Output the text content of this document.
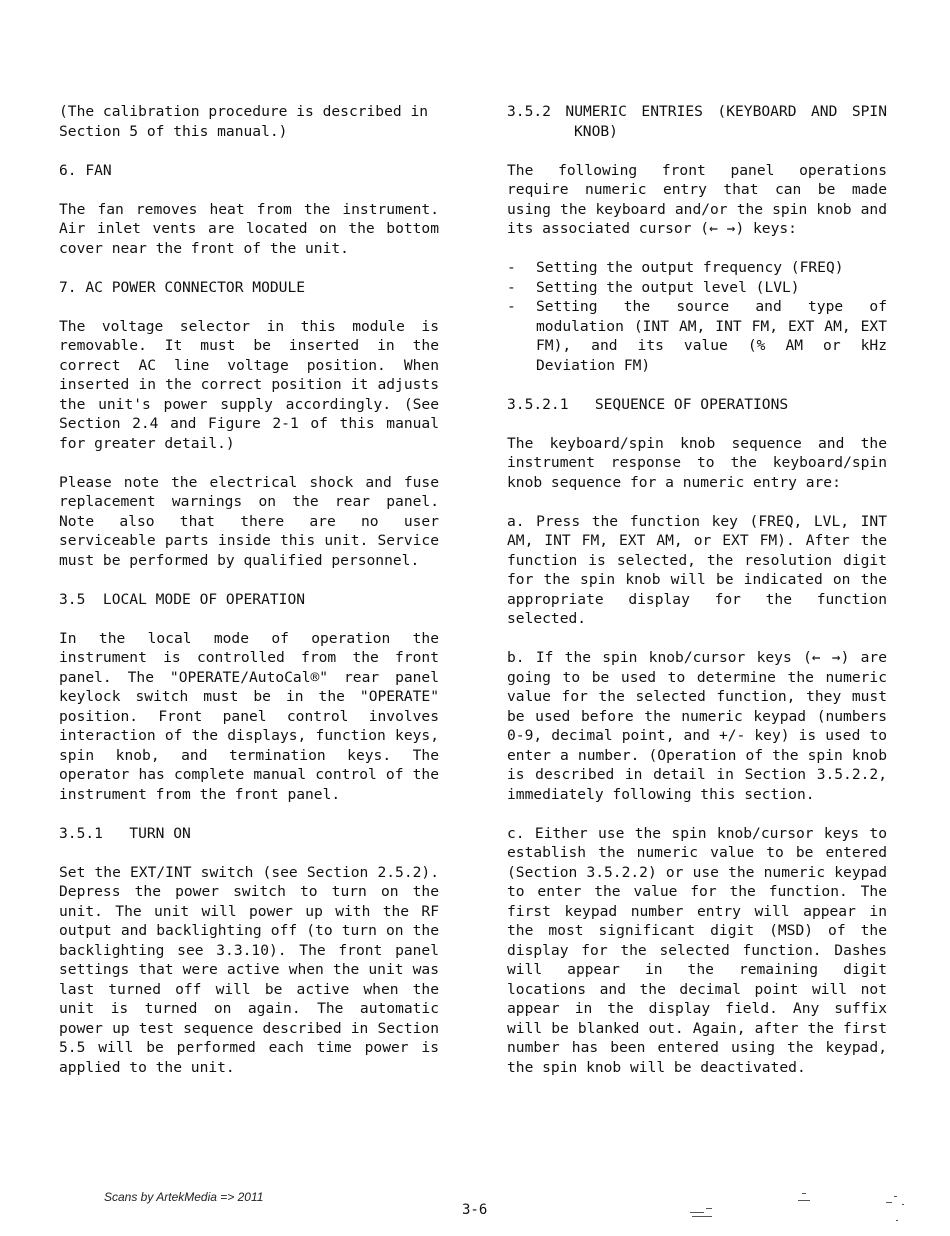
(The calibration procedure is described in Section 5 of this manual.)

6. FAN

The fan removes heat from the instrument. Air inlet vents are located on the bottom cover near the front of the unit.

7. AC POWER CONNECTOR MODULE

The voltage selector in this module is removable. It must be inserted in the correct AC line voltage position. When inserted in the correct position it adjusts the unit's power supply accordingly. (See Section 2.4 and Figure 2-1 of this manual for greater detail.)

Please note the electrical shock and fuse replacement warnings on the rear panel. Note also that there are no user serviceable parts inside this unit. Service must be performed by qualified personnel.

3.5  LOCAL MODE OF OPERATION

In the local mode of operation the instrument is controlled from the front panel. The "OPERATE/AutoCal®" rear panel keylock switch must be in the "OPERATE" position. Front panel control involves interaction of the displays, function keys, spin knob, and termination keys. The operator has complete manual control of the instrument from the front panel.

3.5.1   TURN ON

Set the EXT/INT switch (see Section 2.5.2). Depress the power switch to turn on the unit. The unit will power up with the RF output and backlighting off (to turn on the backlighting see 3.3.10). The front panel settings that were active when the unit was last turned off will be active when the unit is turned on again. The automatic power up test sequence described in Section 5.5 will be performed each time power is applied to the unit.

3.5.2 NUMERIC ENTRIES (KEYBOARD AND SPIN KNOB)

The following front panel operations require numeric entry that can be made using the keyboard and/or the spin knob and its associated cursor (← →) keys:

- Setting the output frequency (FREQ)
- Setting the output level (LVL)
- Setting the source and type of modulation (INT AM, INT FM, EXT AM, EXT FM), and its value (% AM or kHz Deviation FM)
3.5.2.1   SEQUENCE OF OPERATIONS

The keyboard/spin knob sequence and the instrument response to the keyboard/spin knob sequence for a numeric entry are:

a. Press the function key (FREQ, LVL, INT AM, INT FM, EXT AM, or EXT FM). After the function is selected, the resolution digit for the spin knob will be indicated on the appropriate display for the function selected.

b. If the spin knob/cursor keys (← →) are going to be used to determine the numeric value for the selected function, they must be used before the numeric keypad (numbers 0-9, decimal point, and +/- key) is used to enter a number. (Operation of the spin knob is described in detail in Section 3.5.2.2, immediately following this section.

c. Either use the spin knob/cursor keys to establish the numeric value to be entered (Section 3.5.2.2) or use the numeric keypad to enter the value for the function. The first keypad number entry will appear in the most significant digit (MSD) of the display for the selected function. Dashes will appear in the remaining digit locations and the decimal point will not appear in the display field. Any suffix will be blanked out. Again, after the first number has been entered using the keypad, the spin knob will be deactivated.

Scans by ArtekMedia => 2011
3-6
